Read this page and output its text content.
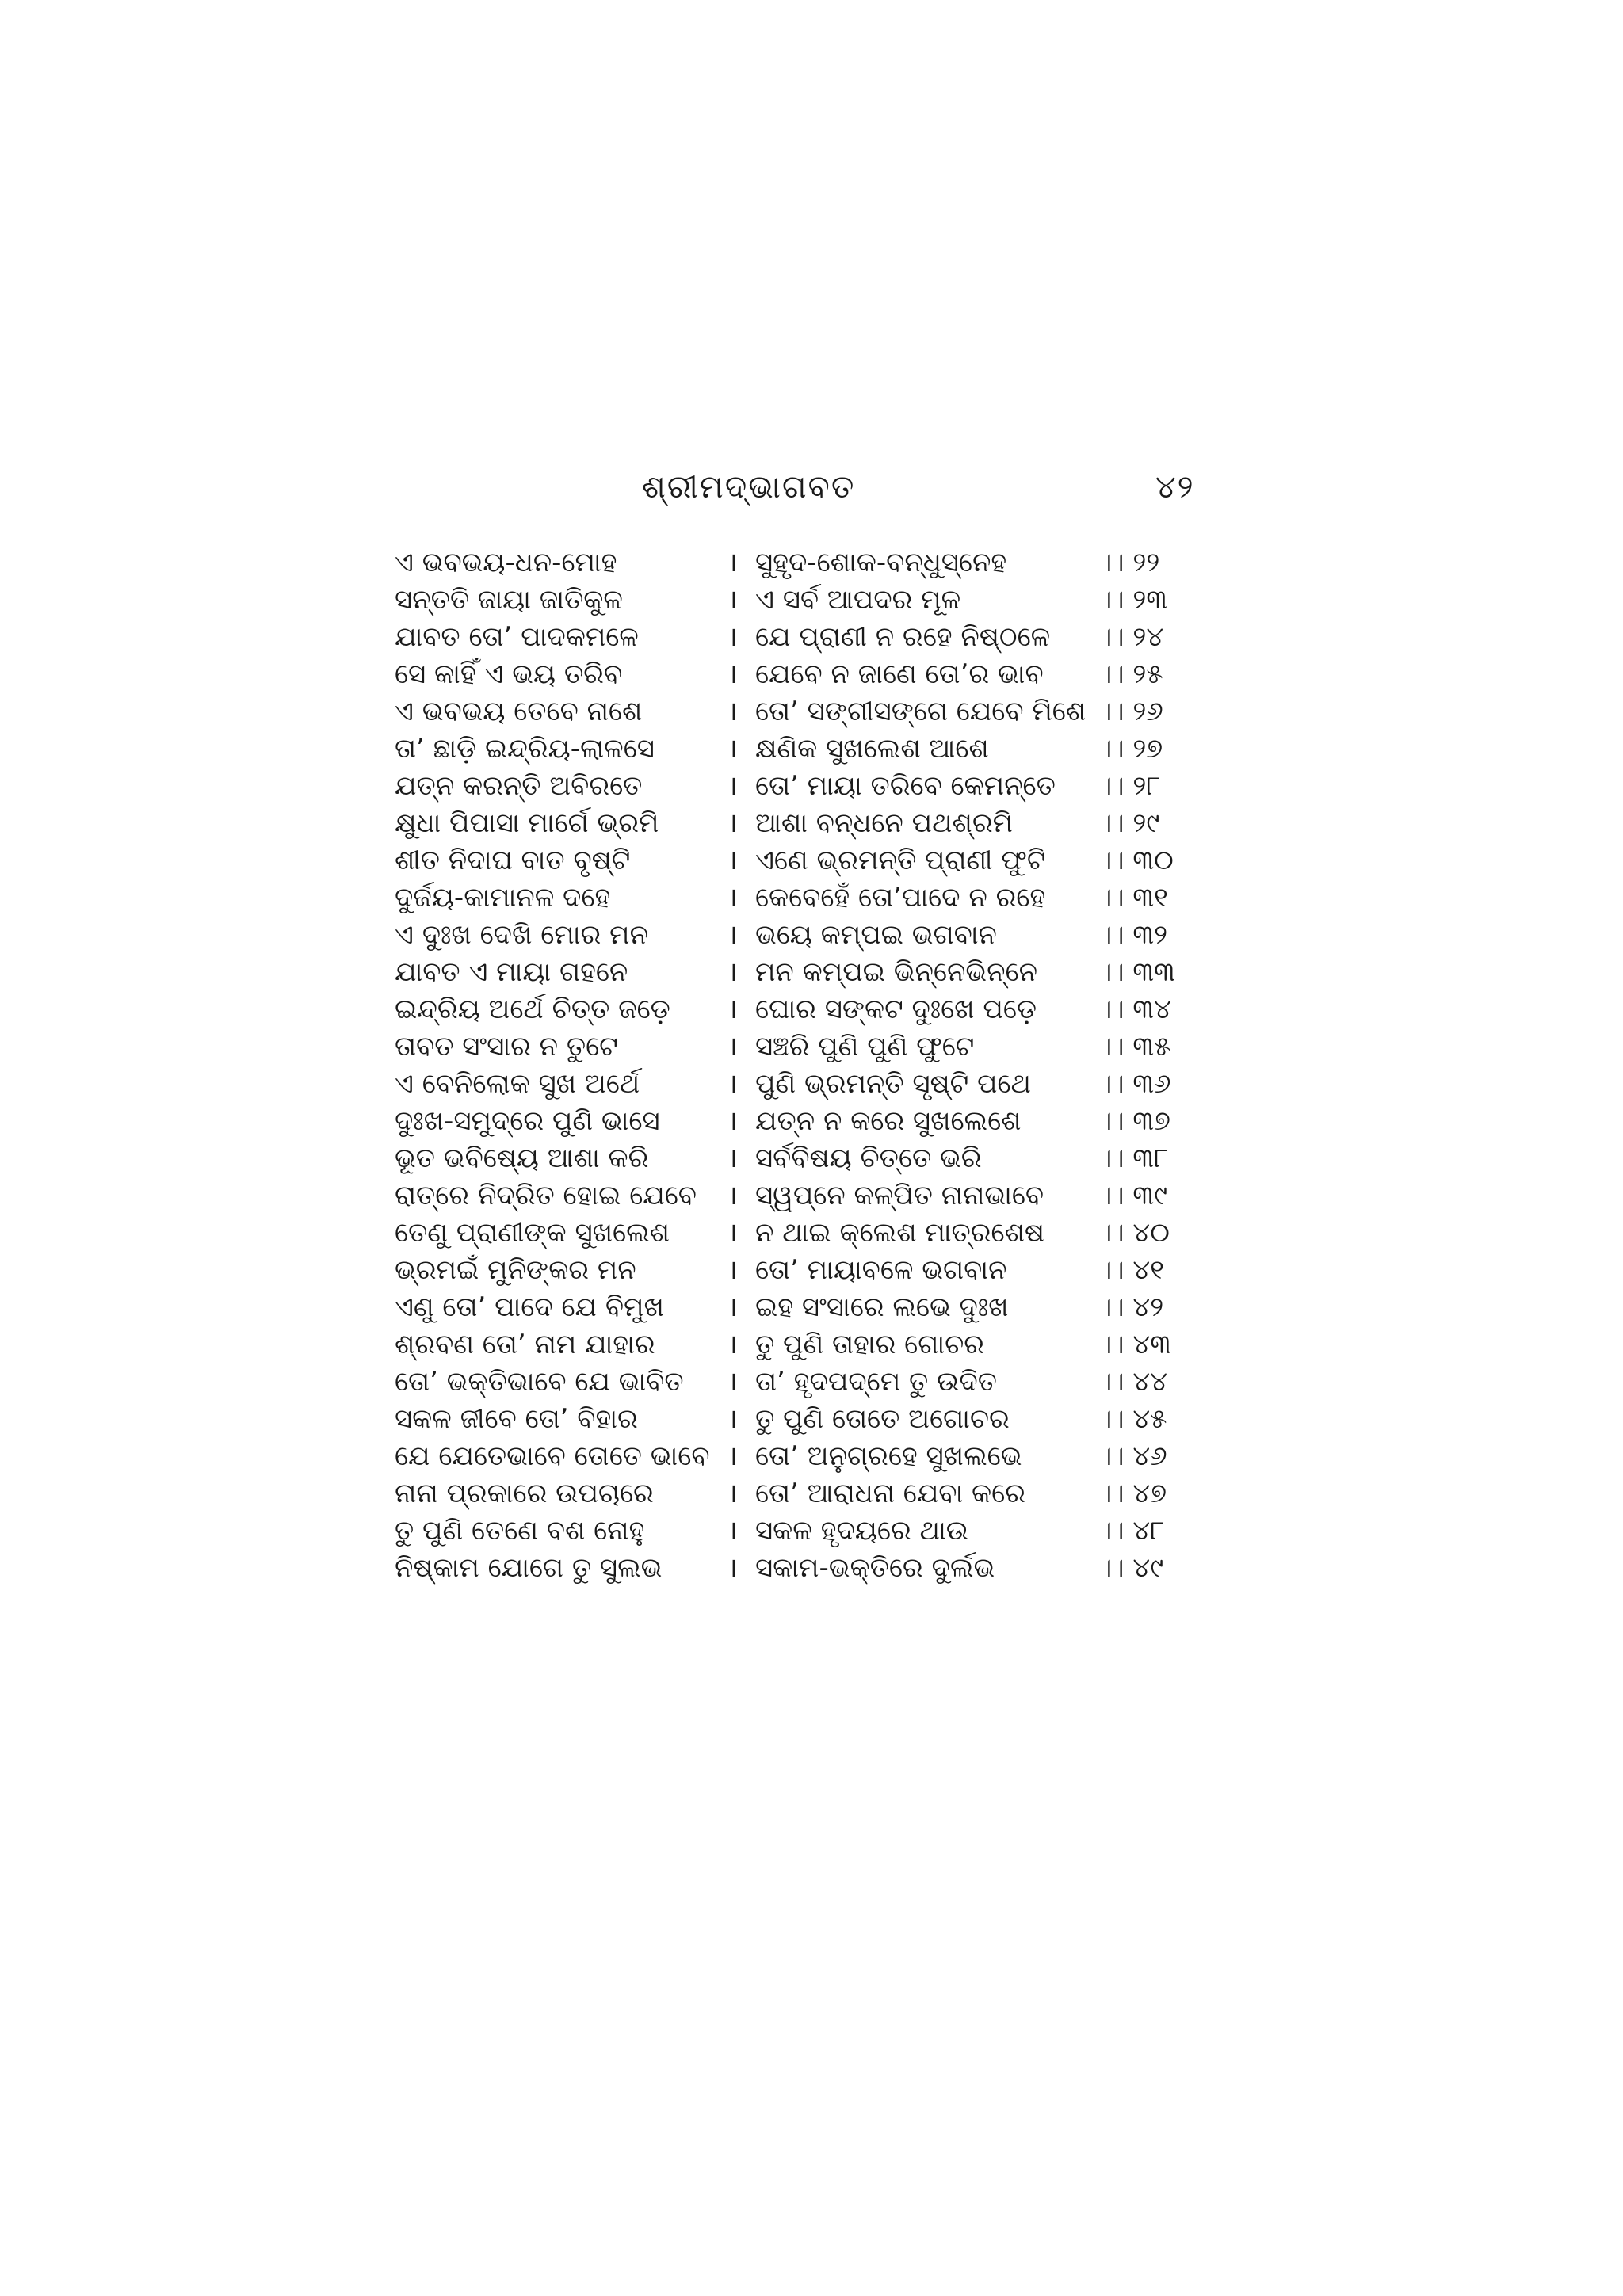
ଶ୍ରୀମଦ୍ଭାଗବତ	୪୨
ଏ ଭବଭୟ-ଧନ-ମୋହ	। ସୁହୃଦ-ଶୋକ-ବନ୍ଧୁସ୍ନେହ	।। ୨୨
ସନ୍ତତି ଜାୟା ଜାତିକୁଳ	। ଏ ସର୍ବ ଆପଦର ମୂଳ	।। ୨୩
ଯାବତ ତୋ’ ପାଦକମଳେ	। ଯେ ପ୍ରାଣୀ ନ ରହେ ନିଷ୍ଠଳେ ।। ୨୪
ସେ କାହିଁ ଏ ଭୟ ତରିବ	। ଯେବେ ନ ଜାଣେ ତୋ’ର ଭାବ ।। ୨୫
ଏ ଭବଭୟ ତେବେ ନାଶେ	। ତୋ’ ସଙ୍ଗୀସଙ୍ଗେ ଯେବେ ମିଶେ ।। ୨୬
ତା’ ଛାଡ଼ି ଇନ୍ଦ୍ରିୟ-ଲାଳସେ	। କ୍ଷଣିକ ସୁଖଲେଶ ଆଶେ	।। ୨୭
ଯତ୍ନ କରନ୍ତି ଅବିରତେ	। ତୋ’ ମାୟା ତରିବେ କେମନ୍ତେ ।। ୨୮
କ୍ଷୁଧା ପିପାସା ମାର୍ଗେ ଭ୍ରମି	। ଆଶା ବନ୍ଧନେ ପଥଶ୍ରମି	।। ୨୯
ଶୀତ ନିଦାଘ ବାତ ବୃଷ୍ଟି	। ଏଣେ ଭ୍ରମନ୍ତି ପ୍ରାଣୀ ଫୁଟି ।। ୩୦
ଦୁର୍ଜୟ-କାମାନଳ ଦହେ	। କେବେହେଁ ତୋ’ପାଦେ ନ ରହେ ।। ୩୧
ଏ ଦୁଃଖ ଦେଖି ମୋର ମନ	। ଭୟେ କମ୍ପଇ ଭଗବାନ	।। ୩୨
ଯାବତ ଏ ମାୟା ଗହନେ	। ମନ କମ୍ପଇ ଭିନ୍ନେଭିନ୍ନେ ।। ୩୩
ଇନ୍ଦ୍ରିୟ ଅର୍ଥେ ଚିତ୍ତ ଜଡ଼େ । ଘୋର ସଙ୍କଟ ଦୁଃଖେ ପଡ଼େ ।। ୩୪
ତାବତ ସଂସାର ନ ତୁଟେ	। ସଞ୍ଚରି ପୁଣି ପୁଣି ଫୁଟେ	।। ୩୫
ଏ ବେନିଲୋକ ସୁଖ ଅର୍ଥେ	। ପୁଣି ଭ୍ରମନ୍ତି ସୃଷ୍ଟି ପଥେ	।। ୩୬
ଦୁଃଖ-ସମୁଦ୍ରେ ପୁଣି ଭାସେ	। ଯତ୍ନ ନ କରେ ସୁଖଲେଶେ	।। ୩୭
ଭୂତ ଭବିଷ୍ୟେ ଆଶା କରି	। ସର୍ବବିଷୟ ଚିତ୍ତେ ଭରି	।। ୩୮
ରାତ୍ରେ ନିଦ୍ରିତ ହୋଇ ଯେବେ । ସ୍ୱପ୍ନେ କଳ୍ପିତ ନାନାଭାବେ ।। ୩୯
ତେଣୁ ପ୍ରାଣୀଙ୍କ ସୁଖଲେଶ । ନ ଥାଇ କ୍ଲେଶ ମାତ୍ରଶେଷ ।। ୪୦
ଭ୍ରମଇଁ ମୁନିଙ୍କର ମନ	। ତୋ’ ମାୟାବଳେ ଭଗବାନ	।। ୪୧
ଏଣୁ ତୋ’ ପାଦେ ଯେ ବିମୁଖ । ଇହ ସଂସାରେ ଲଭେ ଦୁଃଖ	।। ୪୨
ଶ୍ରବଣ ତୋ’ ନାମ ଯାହାର	। ତୁ ପୁଣି ତାହାର ଗୋଚର	।। ୪୩
ତୋ’ ଭକ୍ତିଭାବେ ଯେ ଭାବିତ । ତା’ ହୃଦପଦ୍ମେ ତୁ ଉଦିତ	।। ୪୪
ସକଳ ଜୀବେ ତୋ’ ବିହାର	। ତୁ ପୁଣି ତୋତେ ଅଗୋଚର	।। ୪୫
ଯେ ଯେତେଭାବେ ତୋତେ ଭାବେ । ତୋ’ ଅନୁଗ୍ରହେ ସୁଖଲଭେ	।। ୪୬
ନାନା ପ୍ରକାରେ ଉପଚାରେ	। ତୋ’ ଆରାଧନା ଯେବା କରେ	।। ୪୭
ତୁ ପୁଣି ତେଣେ ବଶ ନୋହୁ	। ସକଳ ହୃଦୟରେ ଥାଉ	।। ୪୮
ନିଷ୍କାମ ଯୋଗେ ତୁ ସୁଲଭ । ସକାମ-ଭକ୍ତିରେ ଦୁର୍ଲଭ	।। ୪୯
